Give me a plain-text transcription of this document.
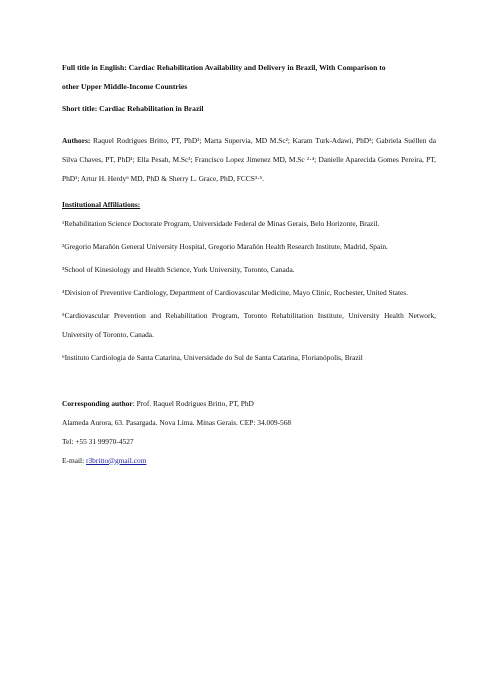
Full title in English: Cardiac Rehabilitation Availability and Delivery in Brazil, With Comparison to
other Upper Middle-Income Countries
Short title: Cardiac Rehabilitation in Brazil
Authors: Raquel Rodrigues Britto, PT, PhD¹; Marta Supervia, MD M.Sc²; Karam Turk-Adawi, PhD³; Gabriela Suéllen da Silva Chaves, PT, PhD¹; Ella Pesah, M.Sc³; Francisco Lopez Jimenez MD, M.Sc ²·⁴; Danielle Aparecida Gomes Pereira, PT, PhD¹; Artur H. Herdy⁶ MD, PhD & Sherry L. Grace, PhD, FCCS³·⁵.
Institutional Affiliations:
¹Rehabilitation Science Doctorate Program, Universidade Federal de Minas Gerais, Belo Horizonte, Brazil.
²Gregorio Marañón General University Hospital, Gregorio Marañón Health Research Institute, Madrid, Spain.
³School of Kinesiology and Health Science, York University, Toronto, Canada.
⁴Division of Preventive Cardiology, Department of Cardiovascular Medicine, Mayo Clinic, Rochester, United States.
⁵Cardiovascular Prevention and Rehabilitation Program, Toronto Rehabilitation Institute, University Health Network, University of Toronto, Canada.
⁶Instituto Cardiologia de Santa Catarina, Universidade do Sul de Santa Catarina, Florianópolis, Brazil
Corresponding author: Prof. Raquel Rodrigues Britto, PT, PhD
Alameda Aurora, 63. Pasargada. Nova Lima. Minas Gerais. CEP: 34.009-568
Tel: +55 31 99970-4527
E-mail: r3britto@gmail.com
